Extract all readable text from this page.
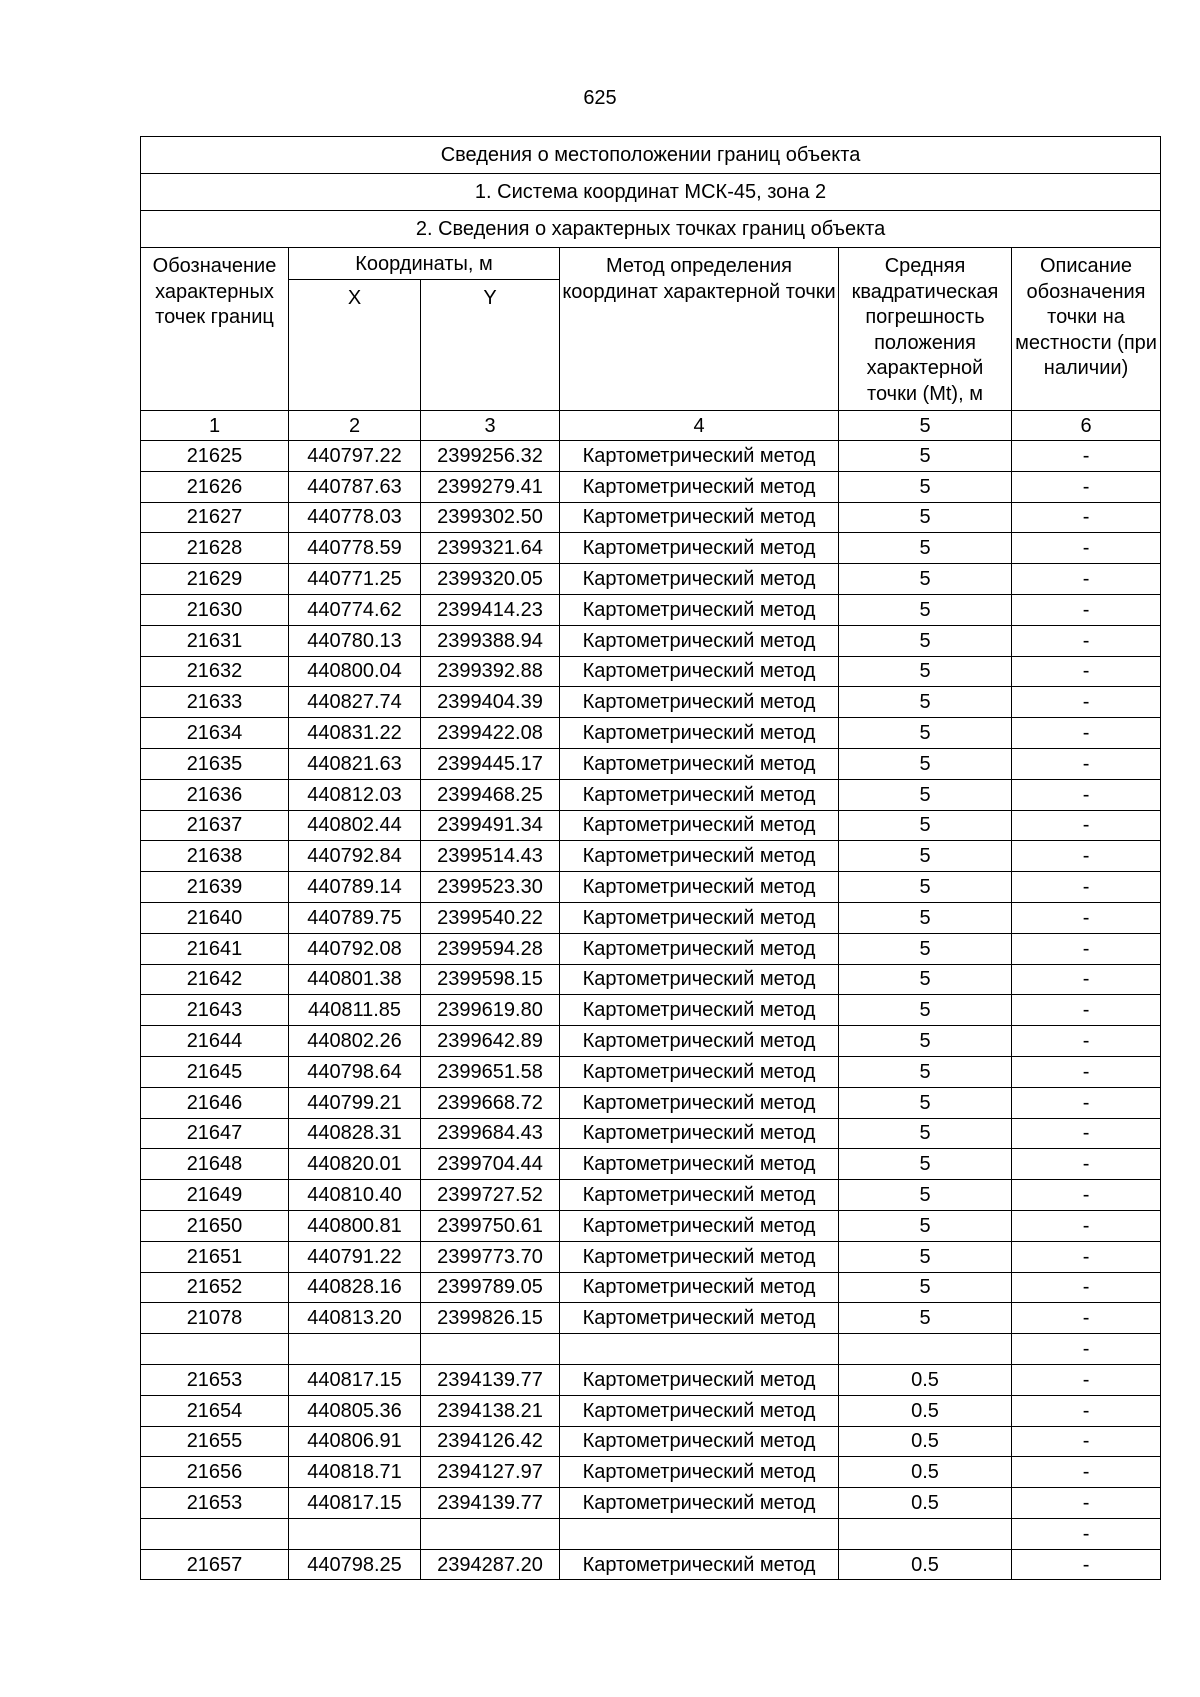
625
Сведения о местоположении границ объекта					
1. Система координат МСК-45, зона 2					
2. Сведения о характерных точках границ объекта					
Обозначение характерных точек границ	Координаты, м		Метод определения координат характерной точки	Средняя квадратическая погрешность положения характерной точки (Mt), м	Описание обозначения точки на местности (при наличии)
	X	Y			
1	2	3	4	5	6
21625	440797.22	2399256.32	Картометрический метод	5	-
21626	440787.63	2399279.41	Картометрический метод	5	-
21627	440778.03	2399302.50	Картометрический метод	5	-
21628	440778.59	2399321.64	Картометрический метод	5	-
21629	440771.25	2399320.05	Картометрический метод	5	-
21630	440774.62	2399414.23	Картометрический метод	5	-
21631	440780.13	2399388.94	Картометрический метод	5	-
21632	440800.04	2399392.88	Картометрический метод	5	-
21633	440827.74	2399404.39	Картометрический метод	5	-
21634	440831.22	2399422.08	Картометрический метод	5	-
21635	440821.63	2399445.17	Картометрический метод	5	-
21636	440812.03	2399468.25	Картометрический метод	5	-
21637	440802.44	2399491.34	Картометрический метод	5	-
21638	440792.84	2399514.43	Картометрический метод	5	-
21639	440789.14	2399523.30	Картометрический метод	5	-
21640	440789.75	2399540.22	Картометрический метод	5	-
21641	440792.08	2399594.28	Картометрический метод	5	-
21642	440801.38	2399598.15	Картометрический метод	5	-
21643	440811.85	2399619.80	Картометрический метод	5	-
21644	440802.26	2399642.89	Картометрический метод	5	-
21645	440798.64	2399651.58	Картометрический метод	5	-
21646	440799.21	2399668.72	Картометрический метод	5	-
21647	440828.31	2399684.43	Картометрический метод	5	-
21648	440820.01	2399704.44	Картометрический метод	5	-
21649	440810.40	2399727.52	Картометрический метод	5	-
21650	440800.81	2399750.61	Картометрический метод	5	-
21651	440791.22	2399773.70	Картометрический метод	5	-
21652	440828.16	2399789.05	Картометрический метод	5	-
21078	440813.20	2399826.15	Картометрический метод	5	-
					-
21653	440817.15	2394139.77	Картометрический метод	0.5	-
21654	440805.36	2394138.21	Картометрический метод	0.5	-
21655	440806.91	2394126.42	Картометрический метод	0.5	-
21656	440818.71	2394127.97	Картометрический метод	0.5	-
21653	440817.15	2394139.77	Картометрический метод	0.5	-
					-
21657	440798.25	2394287.20	Картометрический метод	0.5	-
